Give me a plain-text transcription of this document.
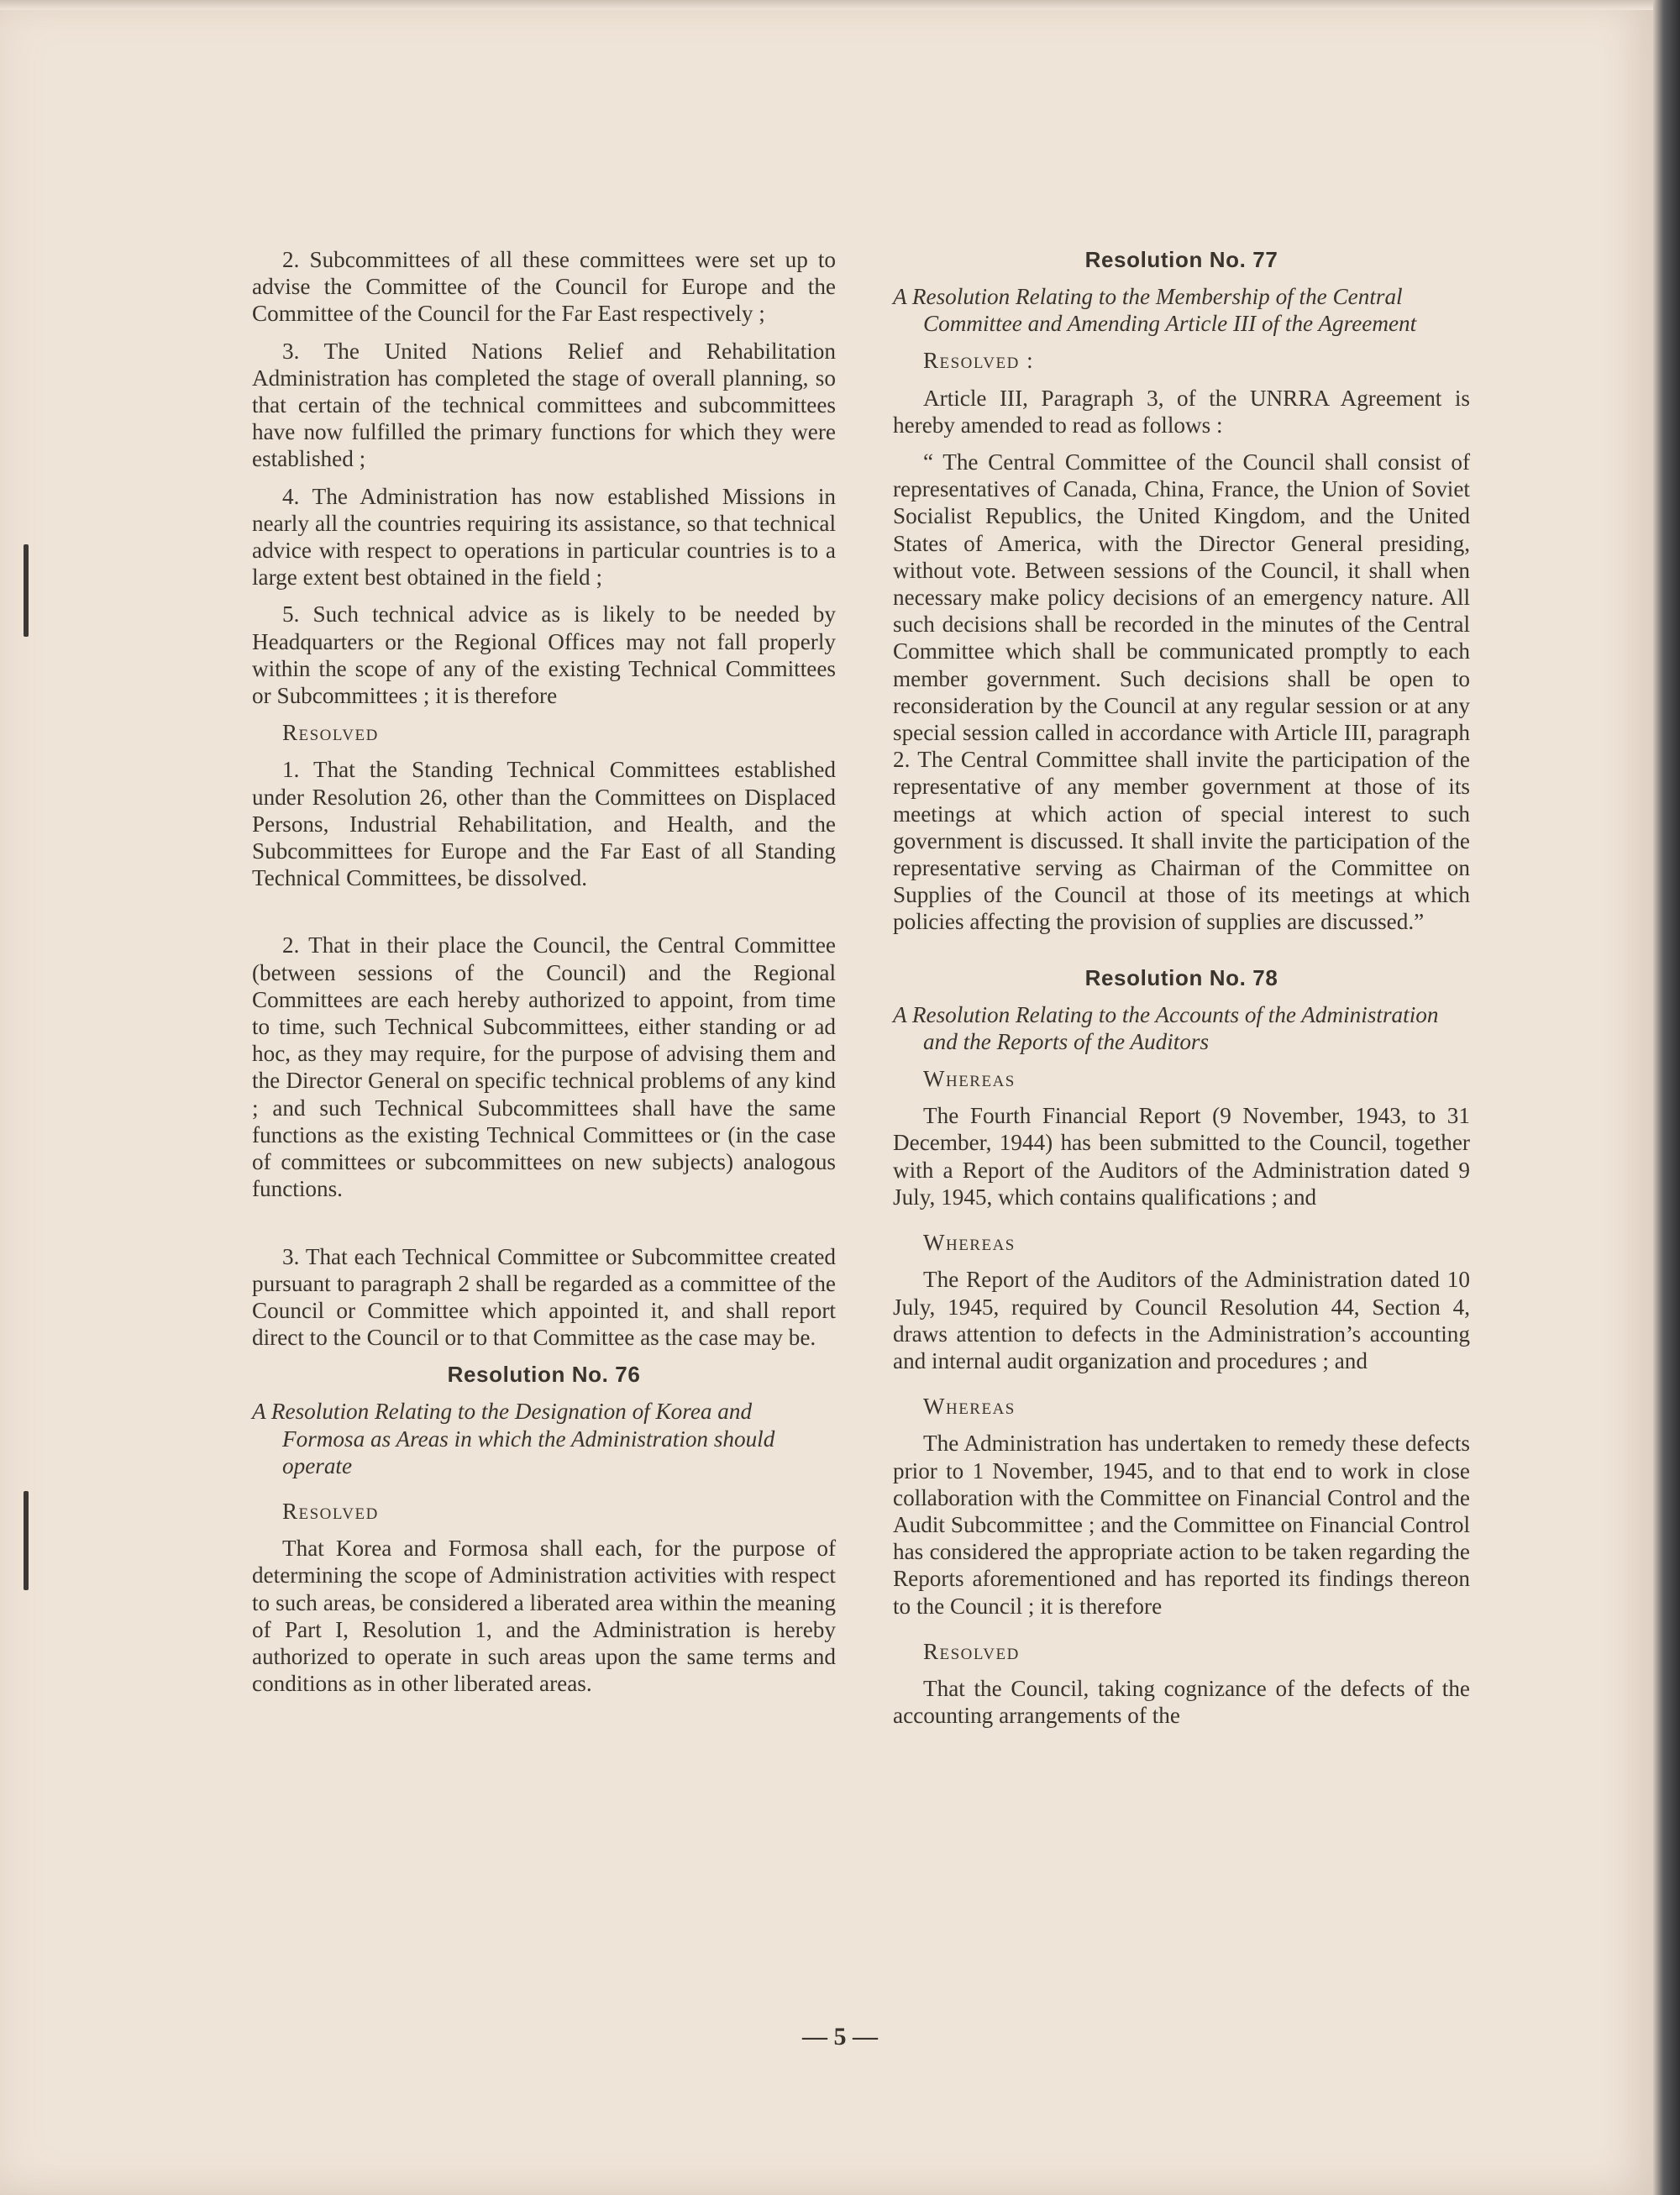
2. Subcommittees of all these committees were set up to advise the Committee of the Council for Europe and the Committee of the Council for the Far East respectively ;

3. The United Nations Relief and Rehabilitation Administration has completed the stage of overall planning, so that certain of the technical committees and subcommittees have now fulfilled the primary functions for which they were established ;

4. The Administration has now established Missions in nearly all the countries requiring its assistance, so that technical advice with respect to operations in particular countries is to a large extent best obtained in the field ;

5. Such technical advice as is likely to be needed by Headquarters or the Regional Offices may not fall properly within the scope of any of the existing Technical Committees or Subcommittees ; it is therefore

Resolved

1. That the Standing Technical Committees established under Resolution 26, other than the Committees on Displaced Persons, Industrial Rehabilitation, and Health, and the Subcommittees for Europe and the Far East of all Standing Technical Committees, be dissolved.

2. That in their place the Council, the Central Committee (between sessions of the Council) and the Regional Committees are each hereby authorized to appoint, from time to time, such Technical Subcommittees, either standing or ad hoc, as they may require, for the purpose of advising them and the Director General on specific technical problems of any kind ; and such Technical Subcommittees shall have the same functions as the existing Technical Committees or (in the case of committees or subcommittees on new subjects) analogous functions.

3. That each Technical Committee or Subcommittee created pursuant to paragraph 2 shall be regarded as a committee of the Council or Committee which appointed it, and shall report direct to the Council or to that Committee as the case may be.

Resolution No. 76

A Resolution Relating to the Designation of Korea and Formosa as Areas in which the Administration should operate

Resolved

That Korea and Formosa shall each, for the purpose of determining the scope of Administration activities with respect to such areas, be considered a liberated area within the meaning of Part I, Resolution 1, and the Administration is hereby authorized to operate in such areas upon the same terms and conditions as in other liberated areas.

Resolution No. 77

A Resolution Relating to the Membership of the Central Committee and Amending Article III of the Agreement

Resolved :

Article III, Paragraph 3, of the UNRRA Agreement is hereby amended to read as follows :

“ The Central Committee of the Council shall consist of representatives of Canada, China, France, the Union of Soviet Socialist Republics, the United Kingdom, and the United States of America, with the Director General presiding, without vote. Between sessions of the Council, it shall when necessary make policy decisions of an emergency nature. All such decisions shall be recorded in the minutes of the Central Committee which shall be communicated promptly to each member government. Such decisions shall be open to reconsideration by the Council at any regular session or at any special session called in accordance with Article III, paragraph 2. The Central Committee shall invite the participation of the representative of any member government at those of its meetings at which action of special interest to such government is discussed. It shall invite the participation of the representative serving as Chairman of the Committee on Supplies of the Council at those of its meetings at which policies affecting the provision of supplies are discussed.”

Resolution No. 78

A Resolution Relating to the Accounts of the Administration and the Reports of the Auditors

Whereas

The Fourth Financial Report (9 November, 1943, to 31 December, 1944) has been submitted to the Council, together with a Report of the Auditors of the Administration dated 9 July, 1945, which contains qualifications ; and

Whereas

The Report of the Auditors of the Administration dated 10 July, 1945, required by Council Resolution 44, Section 4, draws attention to defects in the Administration’s accounting and internal audit organization and procedures ; and

Whereas

The Administration has undertaken to remedy these defects prior to 1 November, 1945, and to that end to work in close collaboration with the Committee on Financial Control and the Audit Subcommittee ; and the Committee on Financial Control has considered the appropriate action to be taken regarding the Reports aforementioned and has reported its findings thereon to the Council ; it is therefore

Resolved

That the Council, taking cognizance of the defects of the accounting arrangements of the

— 5 —
